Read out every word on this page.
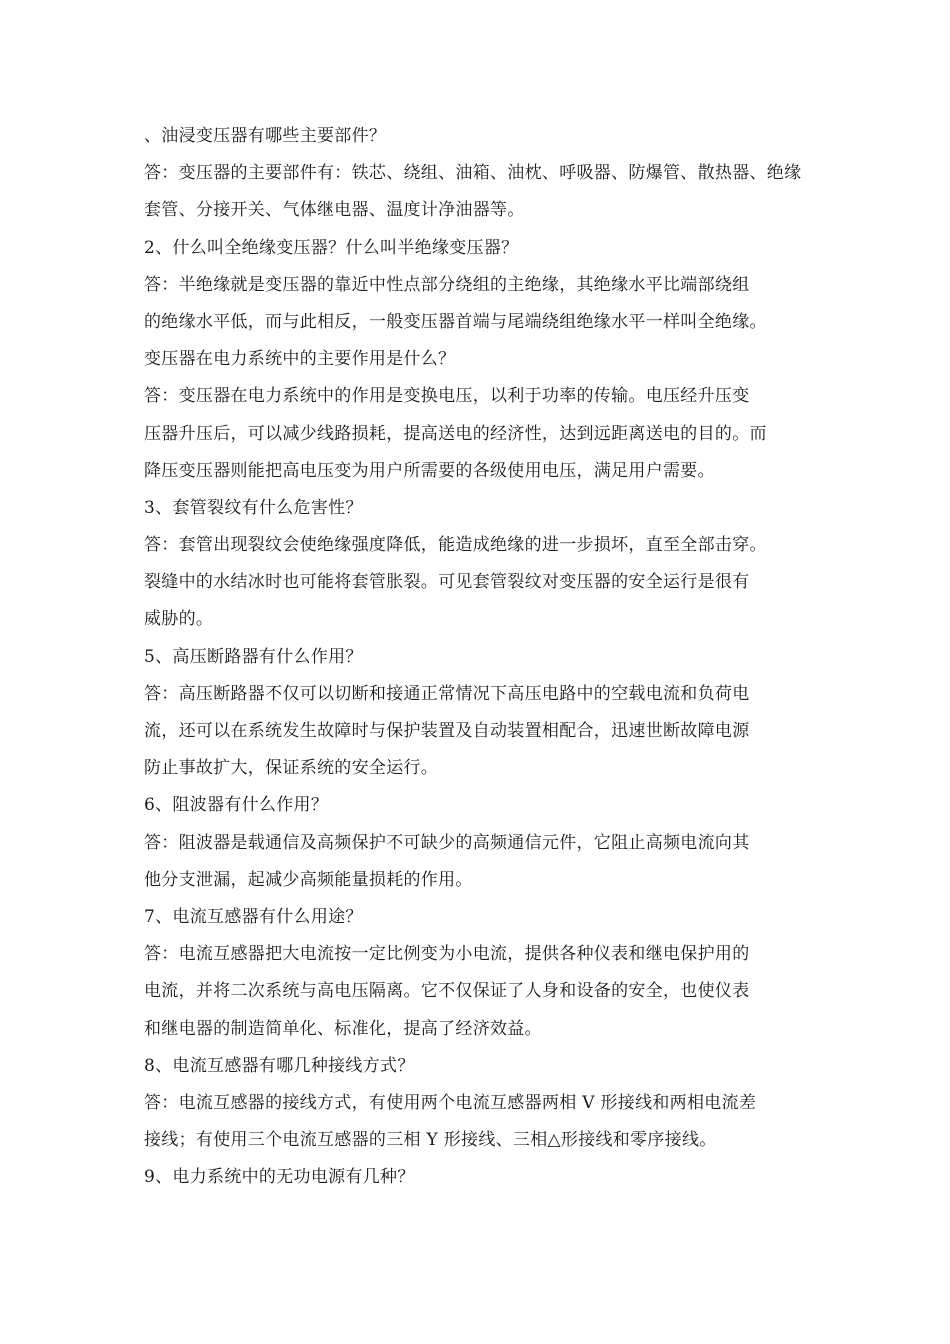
、油浸变压器有哪些主要部件？
答：变压器的主要部件有：铁芯、绕组、油箱、油枕、呼吸器、防爆管、散热器、绝缘
套管、分接开关、气体继电器、温度计净油器等。
2、什么叫全绝缘变压器？什么叫半绝缘变压器？
答：半绝缘就是变压器的靠近中性点部分绕组的主绝缘，其绝缘水平比端部绕组
的绝缘水平低，而与此相反，一般变压器首端与尾端绕组绝缘水平一样叫全绝缘。
变压器在电力系统中的主要作用是什么？
答：变压器在电力系统中的作用是变换电压，以利于功率的传输。电压经升压变
压器升压后，可以减少线路损耗，提高送电的经济性，达到远距离送电的目的。而
降压变压器则能把高电压变为用户所需要的各级使用电压，满足用户需要。
3、套管裂纹有什么危害性？
答：套管出现裂纹会使绝缘强度降低，能造成绝缘的进一步损坏，直至全部击穿。
裂缝中的水结冰时也可能将套管胀裂。可见套管裂纹对变压器的安全运行是很有
威胁的。
5、高压断路器有什么作用？
答：高压断路器不仅可以切断和接通正常情况下高压电路中的空载电流和负荷电
流，还可以在系统发生故障时与保护装置及自动装置相配合，迅速世断故障电源
防止事故扩大，保证系统的安全运行。
6、阻波器有什么作用？
答：阻波器是载通信及高频保护不可缺少的高频通信元件，它阻止高频电流向其
他分支泄漏，起减少高频能量损耗的作用。
7、电流互感器有什么用途？
答：电流互感器把大电流按一定比例变为小电流，提供各种仪表和继电保护用的
电流，并将二次系统与高电压隔离。它不仅保证了人身和设备的安全，也使仪表
和继电器的制造简单化、标准化，提高了经济效益。
8、电流互感器有哪几种接线方式？
答：电流互感器的接线方式，有使用两个电流互感器两相 V 形接线和两相电流差
接线；有使用三个电流互感器的三相 Y 形接线、三相△形接线和零序接线。
9、电力系统中的无功电源有几种？
